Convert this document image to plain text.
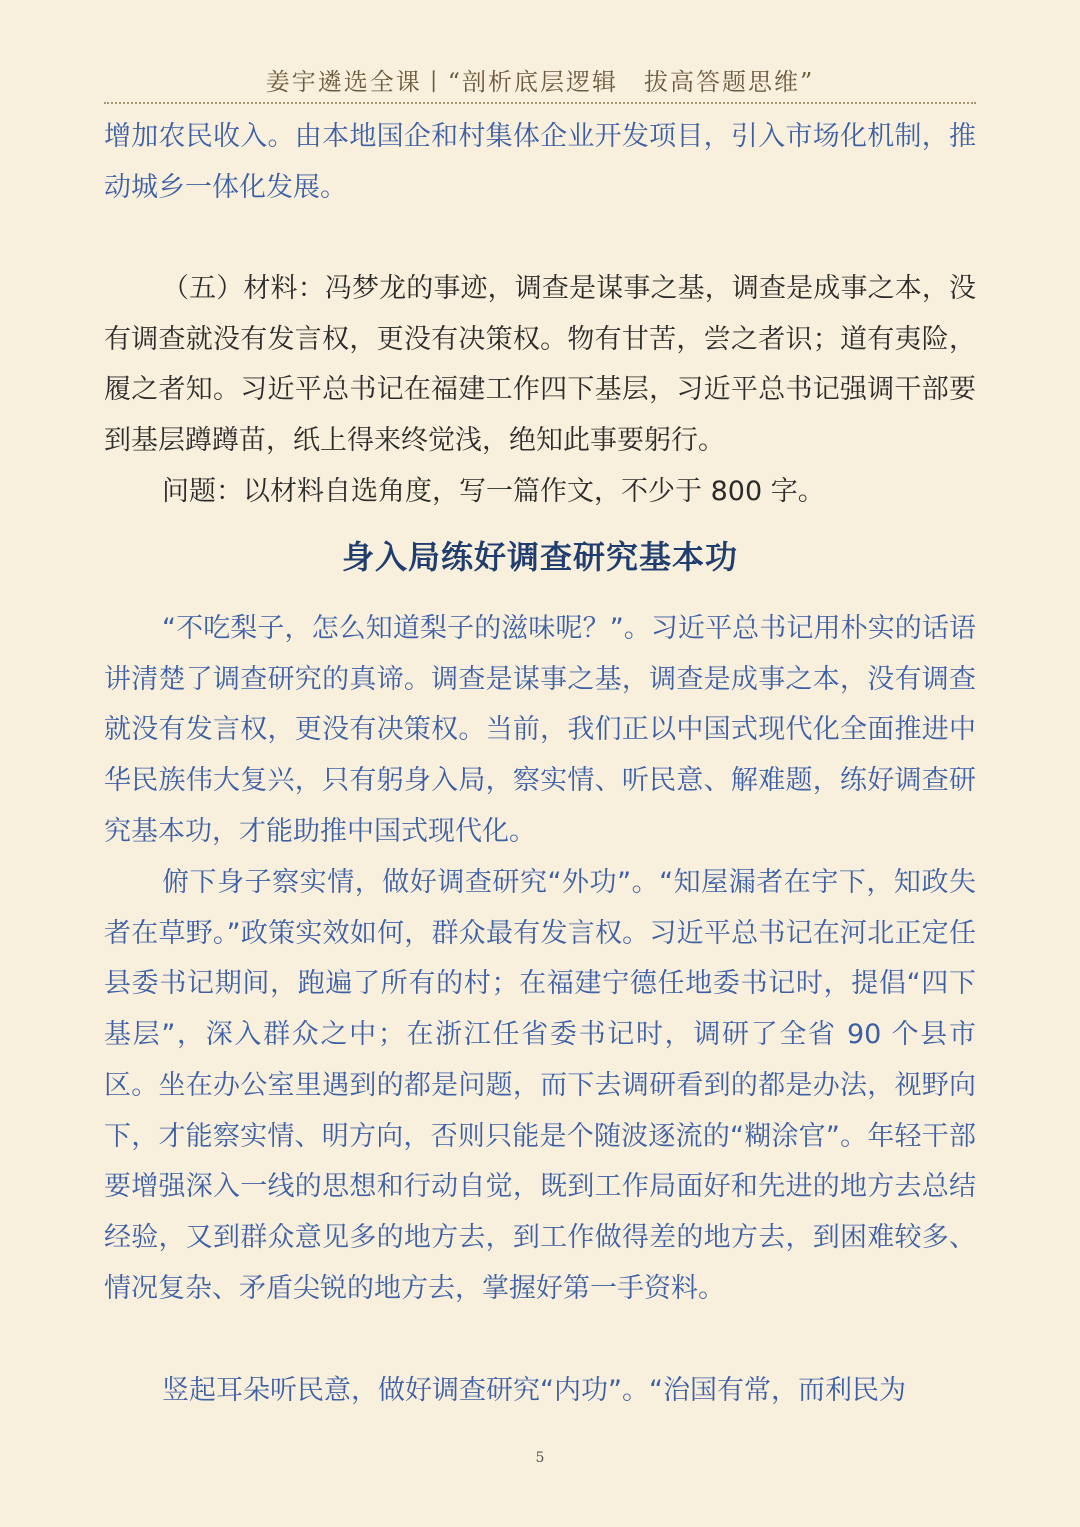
姜宇遴选全课丨“剖析底层逻辑　拔高答题思维”

增加农民收入。由本地国企和村集体企业开发项目，引入市场化机制，推动城乡一体化发展。

（五）材料：冯梦龙的事迹，调查是谋事之基，调查是成事之本，没有调查就没有发言权，更没有决策权。物有甘苦，尝之者识；道有夷险，履之者知。习近平总书记在福建工作四下基层，习近平总书记强调干部要到基层蹲蹲苗，纸上得来终觉浅，绝知此事要躬行。

问题：以材料自选角度，写一篇作文，不少于 800 字。

身入局练好调查研究基本功

“不吃梨子，怎么知道梨子的滋味呢？”。习近平总书记用朴实的话语讲清楚了调查研究的真谛。调查是谋事之基，调查是成事之本，没有调查就没有发言权，更没有决策权。当前，我们正以中国式现代化全面推进中华民族伟大复兴，只有躬身入局，察实情、听民意、解难题，练好调查研究基本功，才能助推中国式现代化。

俯下身子察实情，做好调查研究“外功”。“知屋漏者在宇下，知政失者在草野。”政策实效如何，群众最有发言权。习近平总书记在河北正定任县委书记期间，跑遍了所有的村；在福建宁德任地委书记时，提倡“四下基层”，深入群众之中；在浙江任省委书记时，调研了全省 90 个县市区。坐在办公室里遇到的都是问题，而下去调研看到的都是办法，视野向下，才能察实情、明方向，否则只能是个随波逐流的“糊涂官”。年轻干部要增强深入一线的思想和行动自觉，既到工作局面好和先进的地方去总结经验，又到群众意见多的地方去，到工作做得差的地方去，到困难较多、情况复杂、矛盾尖锐的地方去，掌握好第一手资料。

竖起耳朵听民意，做好调查研究“内功”。“治国有常，而利民为

5
